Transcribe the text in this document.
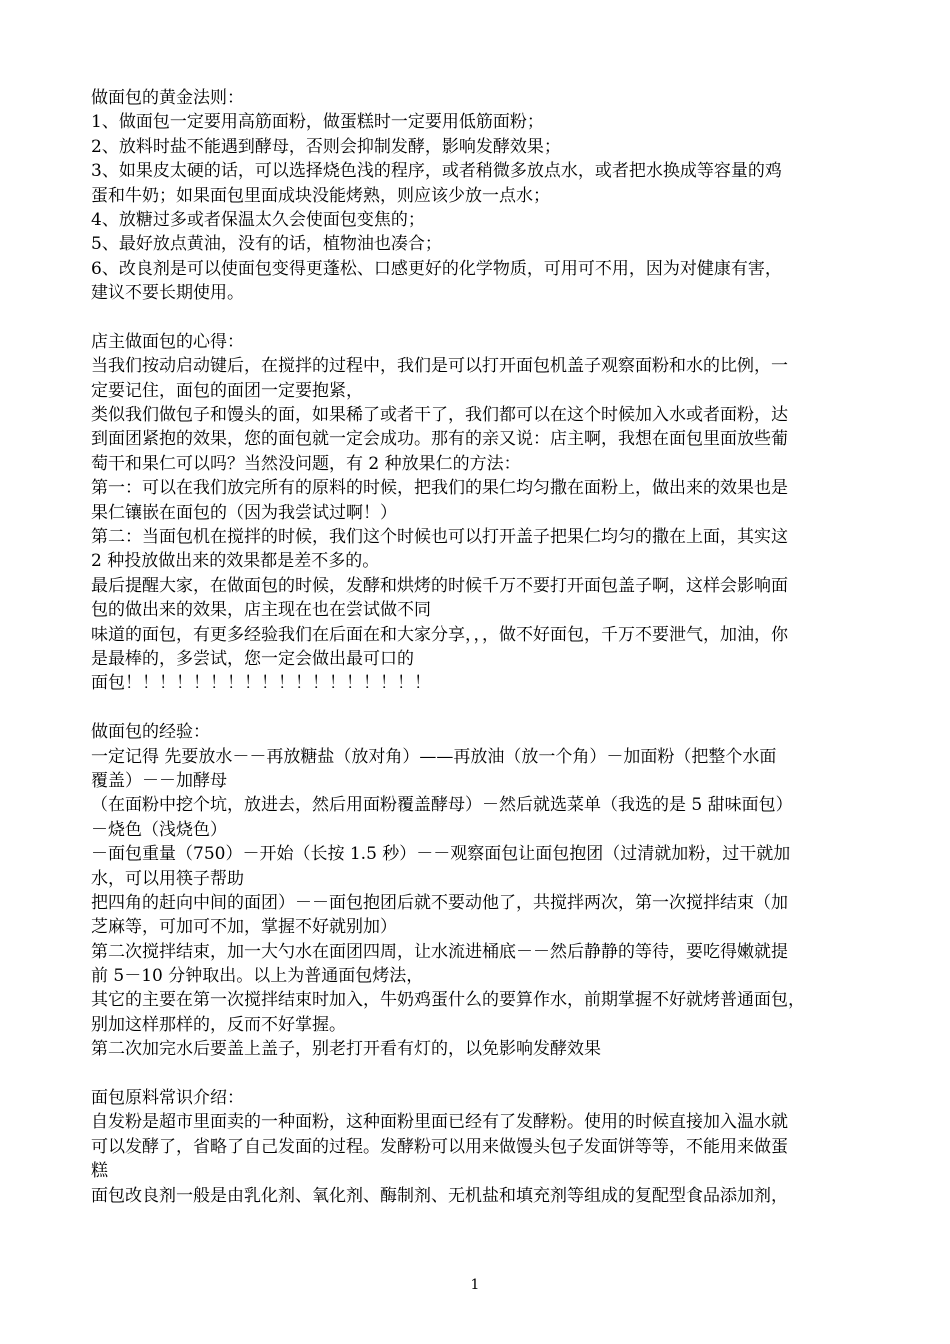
做面包的黄金法则：
1、做面包一定要用高筋面粉，做蛋糕时一定要用低筋面粉；
2、放料时盐不能遇到酵母，否则会抑制发酵，影响发酵效果；
3、如果皮太硬的话，可以选择烧色浅的程序，或者稍微多放点水，或者把水换成等容量的鸡
蛋和牛奶；如果面包里面成块没能烤熟，则应该少放一点水；
4、放糖过多或者保温太久会使面包变焦的；
5、最好放点黄油，没有的话，植物油也凑合；
6、改良剂是可以使面包变得更蓬松、口感更好的化学物质，可用可不用，因为对健康有害，
建议不要长期使用。
店主做面包的心得：
当我们按动启动键后，在搅拌的过程中，我们是可以打开面包机盖子观察面粉和水的比例，一
定要记住，面包的面团一定要抱紧，
类似我们做包子和馒头的面，如果稀了或者干了，我们都可以在这个时候加入水或者面粉，达
到面团紧抱的效果，您的面包就一定会成功。那有的亲又说：店主啊，我想在面包里面放些葡
萄干和果仁可以吗？当然没问题，有 2 种放果仁的方法：
第一：可以在我们放完所有的原料的时候，把我们的果仁均匀撒在面粉上，做出来的效果也是
果仁镶嵌在面包的（因为我尝试过啊！）
第二：当面包机在搅拌的时候，我们这个时候也可以打开盖子把果仁均匀的撒在上面，其实这
2 种投放做出来的效果都是差不多的。
最后提醒大家，在做面包的时候，发酵和烘烤的时候千万不要打开面包盖子啊，这样会影响面
包的做出来的效果，店主现在也在尝试做不同
味道的面包，有更多经验我们在后面在和大家分享，，，做不好面包，千万不要泄气，加油，你
是最棒的，多尝试，您一定会做出最可口的
面包！！！！！！！！！！！！！！！！！！
做面包的经验：
一定记得 先要放水－－再放糖盐（放对角）——再放油（放一个角）－加面粉（把整个水面
覆盖）－－加酵母
（在面粉中挖个坑，放进去，然后用面粉覆盖酵母）－然后就选菜单（我选的是 5 甜味面包）
－烧色（浅烧色）
－面包重量（750）－开始（长按 1.5 秒）－－观察面包让面包抱团（过清就加粉，过干就加
水，可以用筷子帮助
把四角的赶向中间的面团）－－面包抱团后就不要动他了，共搅拌两次，第一次搅拌结束（加
芝麻等，可加可不加，掌握不好就别加）
第二次搅拌结束，加一大勺水在面团四周，让水流进桶底－－然后静静的等待，要吃得嫩就提
前 5－10 分钟取出。以上为普通面包烤法，
其它的主要在第一次搅拌结束时加入，牛奶鸡蛋什么的要算作水，前期掌握不好就烤普通面包，
别加这样那样的，反而不好掌握。
第二次加完水后要盖上盖子，别老打开看有灯的，以免影响发酵效果
面包原料常识介绍：
自发粉是超市里面卖的一种面粉，这种面粉里面已经有了发酵粉。使用的时候直接加入温水就
可以发酵了，省略了自己发面的过程。发酵粉可以用来做馒头包子发面饼等等，不能用来做蛋
糕
面包改良剂一般是由乳化剂、氧化剂、酶制剂、无机盐和填充剂等组成的复配型食品添加剂，
1
